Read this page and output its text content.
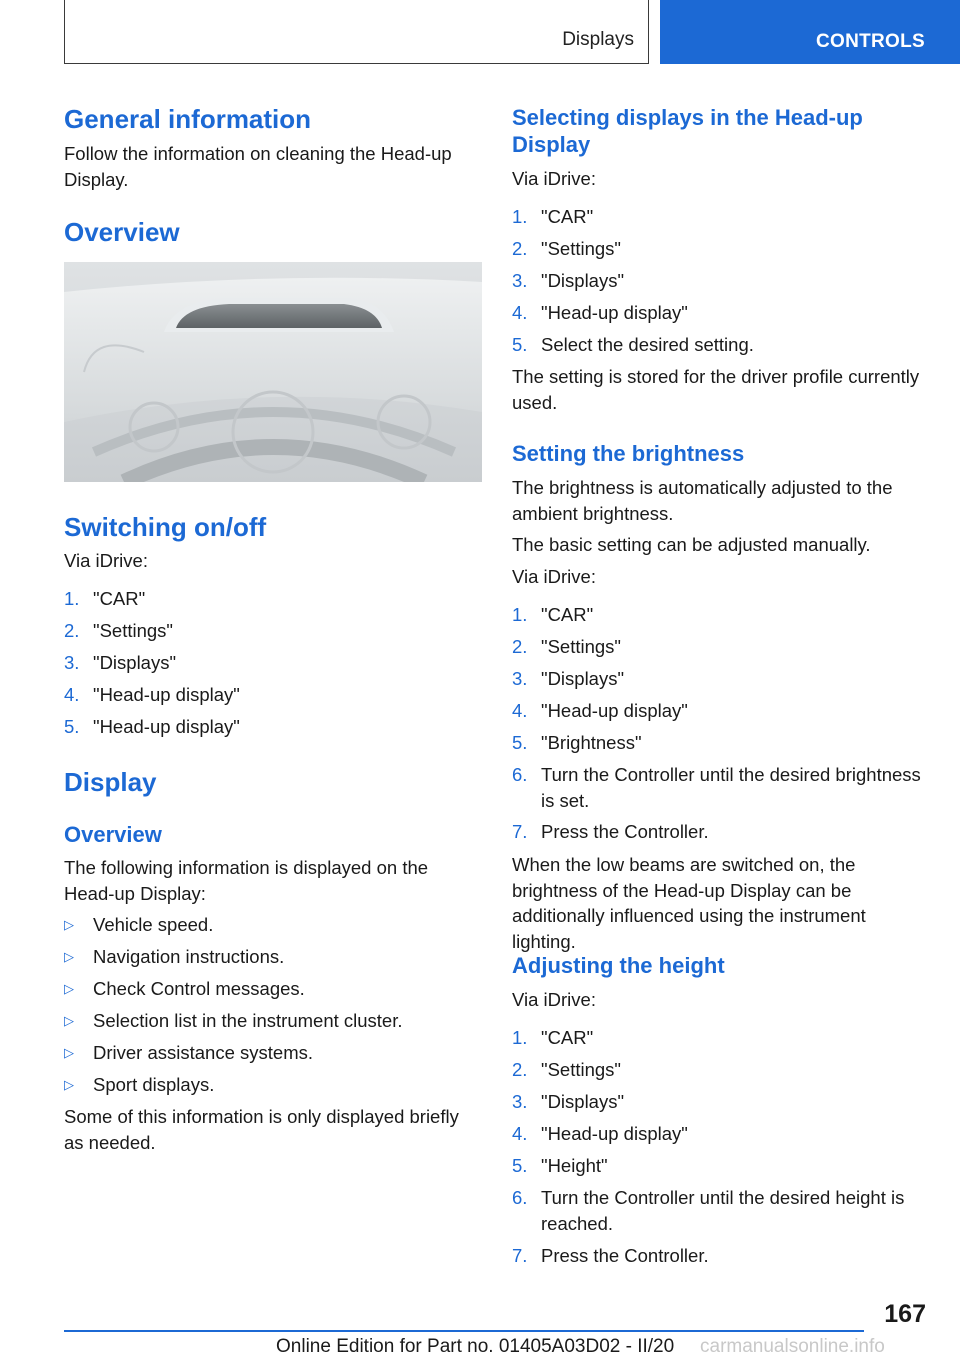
Displays	CONTROLS
General information

Follow the information on cleaning the Head-up Display.

Overview
Switching on/off

Via iDrive:

1. "CAR"
2. "Settings"
3. "Displays"
4. "Head-up display"
5. "Head-up display"
Display
Overview

The following information is displayed on the Head-up Display:

▷ Vehicle speed.
▷ Navigation instructions.
▷ Check Control messages.
▷ Selection list in the instrument cluster.
▷ Driver assistance systems.
▷ Sport displays.

Some of this information is only displayed briefly as needed.

Selecting displays in the Head-up Display

Via iDrive:

1. "CAR"
2. "Settings"
3. "Displays"
4. "Head-up display"
5. Select the desired setting.

The setting is stored for the driver profile currently used.

Setting the brightness

The brightness is automatically adjusted to the ambient brightness.

The basic setting can be adjusted manually.

Via iDrive:

1. "CAR"
2. "Settings"
3. "Displays"
4. "Head-up display"
5. "Brightness"
6. Turn the Controller until the desired brightness is set.
7. Press the Controller.

When the low beams are switched on, the brightness of the Head-up Display can be additionally influenced using the instrument lighting.

Adjusting the height

Via iDrive:

1. "CAR"
2. "Settings"
3. "Displays"
4. "Head-up display"
5. "Height"
6. Turn the Controller until the desired height is reached.
7. Press the Controller.
167
Online Edition for Part no. 01405A03D02 - II/20 carmanualsonline.info
